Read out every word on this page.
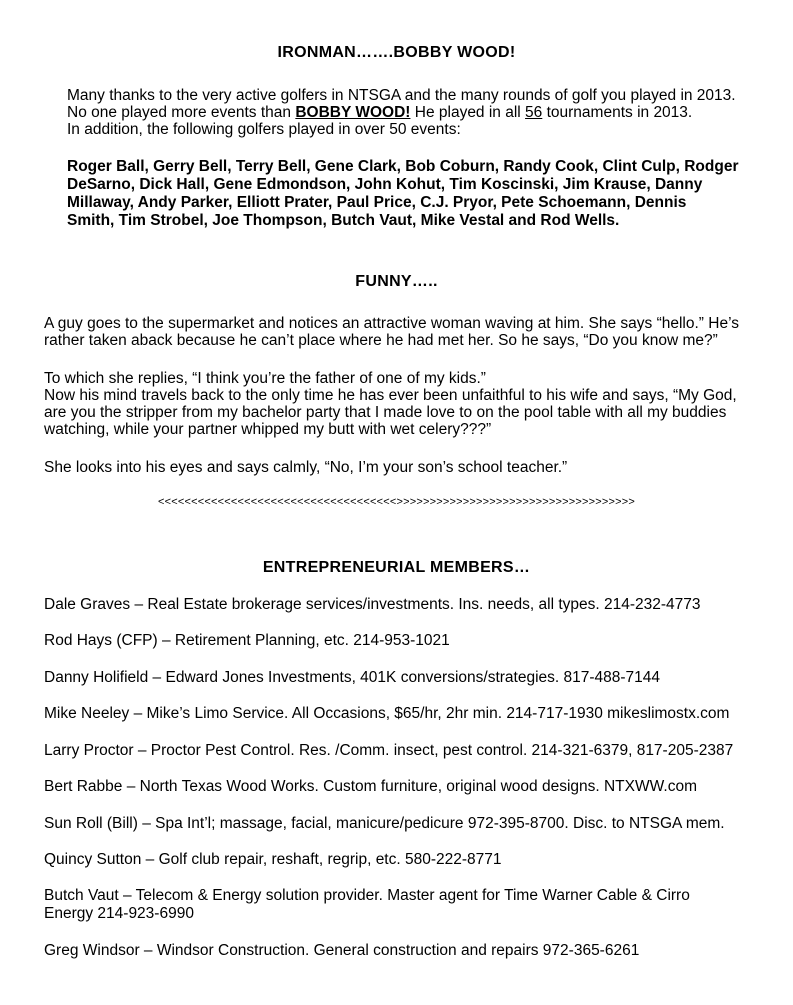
IRONMAN…….BOBBY WOOD!
Many thanks to the very active golfers in NTSGA and the many rounds of golf you played in 2013.
No one played more events than BOBBY WOOD! He played in all 56 tournaments in 2013.
In addition, the following golfers played in over 50 events:
Roger Ball, Gerry Bell, Terry Bell, Gene Clark, Bob Coburn, Randy Cook, Clint Culp, Rodger
DeSarno, Dick Hall, Gene Edmondson, John Kohut, Tim Koscinski, Jim Krause, Danny
Millaway, Andy Parker, Elliott Prater, Paul Price, C.J. Pryor, Pete Schoemann, Dennis
Smith, Tim Strobel, Joe Thompson, Butch Vaut, Mike Vestal and Rod Wells.
FUNNY…..
A guy goes to the supermarket and notices an attractive woman waving at him. She says “hello.” He’s
rather taken aback because he can’t place where he had met her. So he says, “Do you know me?”
To which she replies, “I think you’re the father of one of my kids.”
Now his mind travels back to the only time he has ever been unfaithful to his wife and says, “My God,
are you the stripper from my bachelor party that I made love to on the pool table with all my buddies
watching, while your partner whipped my butt with wet celery???”
She looks into his eyes and says calmly, “No, I’m your son’s school teacher.”
<<<<<<<<<<<<<<<<<<<<<<<<<<<<<<<<<<<<>>>>>>>>>>>>>>>>>>>>>>>>>>>>>>>>>>>>
ENTREPRENEURIAL MEMBERS…
Dale Graves – Real Estate brokerage services/investments. Ins. needs, all types. 214-232-4773
Rod Hays (CFP) – Retirement Planning, etc. 214-953-1021
Danny Holifield – Edward Jones Investments, 401K conversions/strategies. 817-488-7144
Mike Neeley – Mike’s Limo Service. All Occasions, $65/hr, 2hr min. 214-717-1930 mikeslimostx.com
Larry Proctor – Proctor Pest Control. Res. /Comm. insect, pest control. 214-321-6379, 817-205-2387
Bert Rabbe – North Texas Wood Works. Custom furniture, original wood designs. NTXWW.com
Sun Roll (Bill) – Spa Int’l; massage, facial, manicure/pedicure 972-395-8700. Disc. to NTSGA mem.
Quincy Sutton – Golf club repair, reshaft, regrip, etc. 580-222-8771
Butch Vaut – Telecom & Energy solution provider. Master agent for Time Warner Cable & Cirro
Energy 214-923-6990
Greg Windsor – Windsor Construction. General construction and repairs 972-365-6261
